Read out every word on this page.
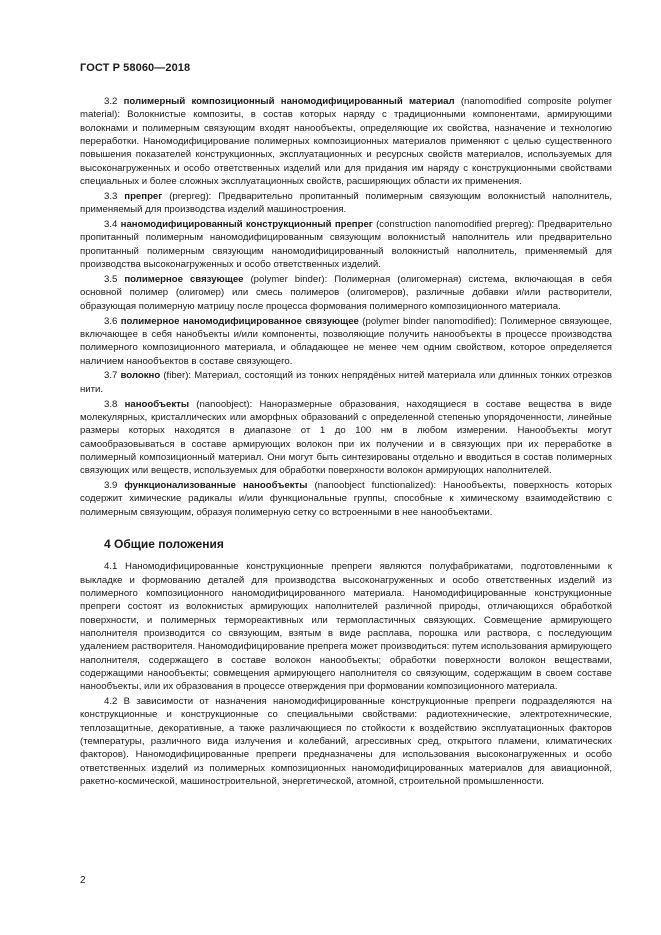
ГОСТ Р 58060—2018

3.2 полимерный композиционный наномодифицированный материал (nanomodified composite polymer material): Волокнистые композиты, в состав которых наряду с традиционными компонентами, армирующими волокнами и полимерным связующим входят нанообъекты, определяющие их свойства, назначение и технологию переработки. Наномодифицирование полимерных композиционных материалов применяют с целью существенного повышения показателей конструкционных, эксплуатационных и ресурсных свойств материалов, используемых для высоконагруженных и особо ответственных изделий или для придания им наряду с конструкционными свойствами специальных и более сложных эксплуатационных свойств, расширяющих области их применения.

3.3 препрег (prepreg): Предварительно пропитанный полимерным связующим волокнистый наполнитель, применяемый для производства изделий машиностроения.

3.4 наномодифицированный конструкционный препрег (construction nanomodified prepreg): Предварительно пропитанный полимерным наномодифицированным связующим волокнистый наполнитель или предварительно пропитанный полимерным связующим наномодифицированный волокнистый наполнитель, применяемый для производства высоконагруженных и особо ответственных изделий.

3.5 полимерное связующее (polymer binder): Полимерная (олигомерная) система, включающая в себя основной полимер (олигомер) или смесь полимеров (олигомеров), различные добавки и/или растворители, образующая полимерную матрицу после процесса формования полимерного композиционного материала.

3.6 полимерное наномодифицированное связующее (polymer binder nanomodified): Полимерное связующее, включающее в себя нанобъекты и/или компоненты, позволяющие получить нанообъекты в процессе производства полимерного композиционного материала, и обладающее не менее чем одним свойством, которое определяется наличием нанообъектов в составе связующего.

3.7 волокно (fiber): Материал, состоящий из тонких непрядёных нитей материала или длинных тонких отрезков нити.

3.8 нанообъекты (nanoobject): Наноразмерные образования, находящиеся в составе вещества в виде молекулярных, кристаллических или аморфных образований с определенной степенью упорядоченности, линейные размеры которых находятся в диапазоне от 1 до 100 нм в любом измерении. Нанообъекты могут самообразовываться в составе армирующих волокон при их получении и в связующих при их переработке в полимерный композиционный материал. Они могут быть синтезированы отдельно и вводиться в состав полимерных связующих или веществ, используемых для обработки поверхности волокон армирующих наполнителей.

3.9 функционализованные нанообъекты (nanoobject functionalized): Нанообъекты, поверхность которых содержит химические радикалы и/или функциональные группы, способные к химическому взаимодействию с полимерным связующим, образуя полимерную сетку со встроенными в нее нанообъектами.

4 Общие положения

4.1 Наномодифицированные конструкционные препреги являются полуфабрикатами, подготовленными к выкладке и формованию деталей для производства высоконагруженных и особо ответственных изделий из полимерного композиционного наномодифицированного материала. Наномодифицированные конструкционные препреги состоят из волокнистых армирующих наполнителей различной природы, отличающихся обработкой поверхности, и полимерных термореактивных или термопластичных связующих. Совмещение армирующего наполнителя производится со связующим, взятым в виде расплава, порошка или раствора, с последующим удалением растворителя. Наномодифицирование препрега может производиться: путем использования армирующего наполнителя, содержащего в составе волокон нанообъекты; обработки поверхности волокон веществами, содержащими нанообъекты; совмещения армирующего наполнителя со связующим, содержащим в своем составе нанообъекты, или их образования в процессе отверждения при формовании композиционного материала.

4.2 В зависимости от назначения наномодифицированные конструкционные препреги подразделяются на конструкционные и конструкционные со специальными свойствами: радиотехнические, электротехнические, теплозащитные, декоративные, а также различающиеся по стойкости к воздействию эксплуатационных факторов (температуры, различного вида излучения и колебаний, агрессивных сред, открытого пламени, климатических факторов). Наномодифицированные препреги предназначены для использования высоконагруженных и особо ответственных изделий из полимерных композиционных наномодифицированных материалов для авиационной, ракетно-космической, машиностроительной, энергетической, атомной, строительной промышленности.

2
